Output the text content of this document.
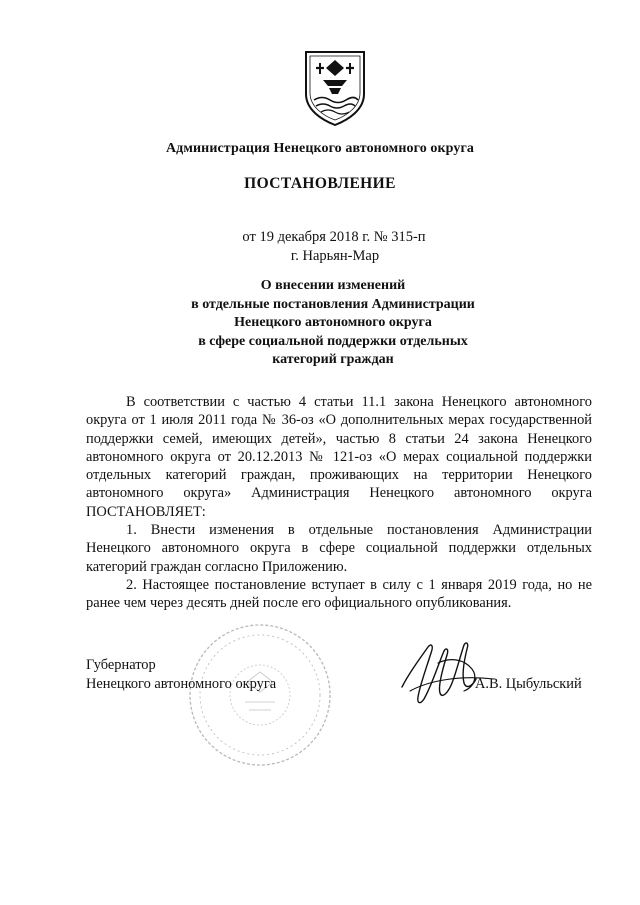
Администрация Ненецкого автономного округа
ПОСТАНОВЛЕНИЕ
от 19 декабря 2018 г. № 315-п
г. Нарьян-Мар
О внесении изменений
в отдельные постановления Администрации
Ненецкого автономного округа
в сфере социальной поддержки отдельных
категорий граждан

В соответствии с частью 4 статьи 11.1 закона Ненецкого автономного округа от 1 июля 2011 года № 36-оз «О дополнительных мерах государственной поддержки семей, имеющих детей», частью 8 статьи 24 закона Ненецкого автономного округа от 20.12.2013 № 121-оз «О мерах социальной поддержки отдельных категорий граждан, проживающих на территории Ненецкого автономного округа» Администрация Ненецкого автономного округа ПОСТАНОВЛЯЕТ:

1. Внести изменения в отдельные постановления Администрации Ненецкого автономного округа в сфере социальной поддержки отдельных категорий граждан согласно Приложению.

2. Настоящее постановление вступает в силу с 1 января 2019 года, но не ранее чем через десять дней после его официального опубликования.

Губернатор
Ненецкого автономного округа	А.В. Цыбульский
